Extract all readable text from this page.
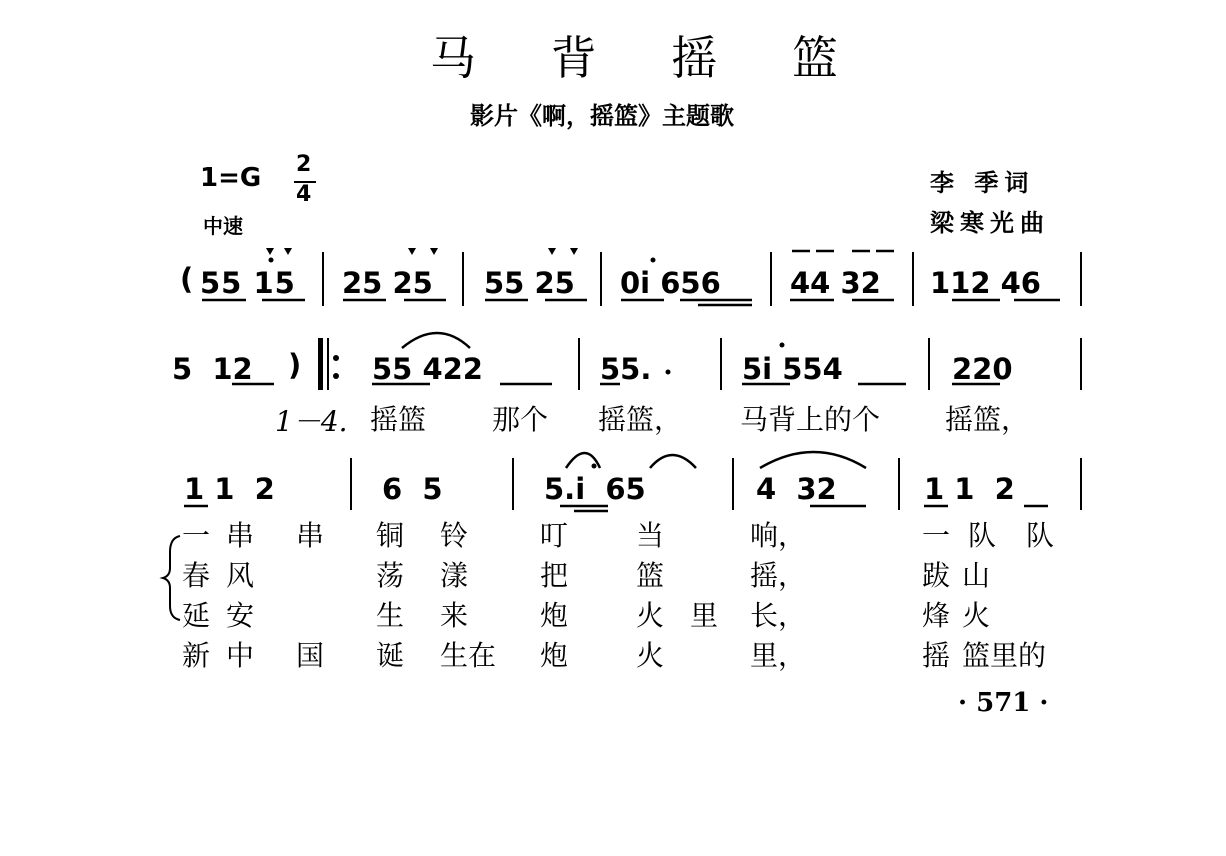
马 背 摇 篮
影片《啊，摇篮》主题歌
1=G 2
4
中速
李 季词
梁寒光曲
( 55 15 25 25 55 25 0i 656 44 32 112 46
5  12 ) 55 422	55.	5i 554	220
1－4. 摇篮 那个 摇篮， 马背上的个 摇篮，
1 1  2	6  5	5.i  65	4  32	1 1  2
一 串 串 铜 铃	叮 当	响，	一 队 队
春 风	荡 漾	把 篮	摇，	跋 山
延 安	生 来	炮 火 里 长，	烽 火
新 中 国 诞 生在 炮 火	里，	摇 篮里的
· 571 ·
